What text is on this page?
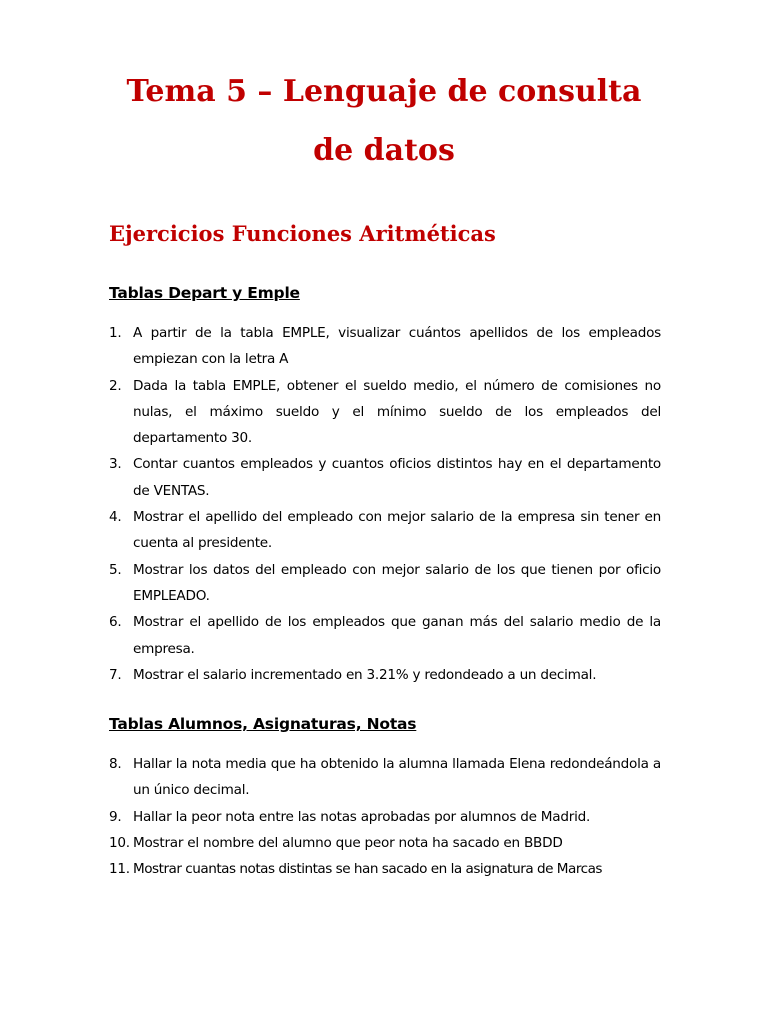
Tema 5 – Lenguaje de consulta
de datos
Ejercicios Funciones Aritméticas
Tablas Depart y Emple
1. A partir de la tabla EMPLE, visualizar cuántos apellidos de los empleados empiezan con la letra A
2. Dada la tabla EMPLE, obtener el sueldo medio, el número de comisiones no nulas, el máximo sueldo y el mínimo sueldo de los empleados del departamento 30.
3. Contar cuantos empleados y cuantos oficios distintos hay en el departamento de VENTAS.
4. Mostrar el apellido del empleado con mejor salario de la empresa sin tener en cuenta al presidente.
5. Mostrar los datos del empleado con mejor salario de los que tienen por oficio EMPLEADO.
6. Mostrar el apellido de los empleados que ganan más del salario medio de la empresa.
7. Mostrar el salario incrementado en 3.21% y redondeado a un decimal.
Tablas Alumnos, Asignaturas, Notas
8. Hallar la nota media que ha obtenido la alumna llamada Elena redondeándola a un único decimal.
9. Hallar la peor nota entre las notas aprobadas por alumnos de Madrid.
10. Mostrar el nombre del alumno que peor nota ha sacado en BBDD
11. Mostrar cuantas notas distintas se han sacado en la asignatura de Marcas
